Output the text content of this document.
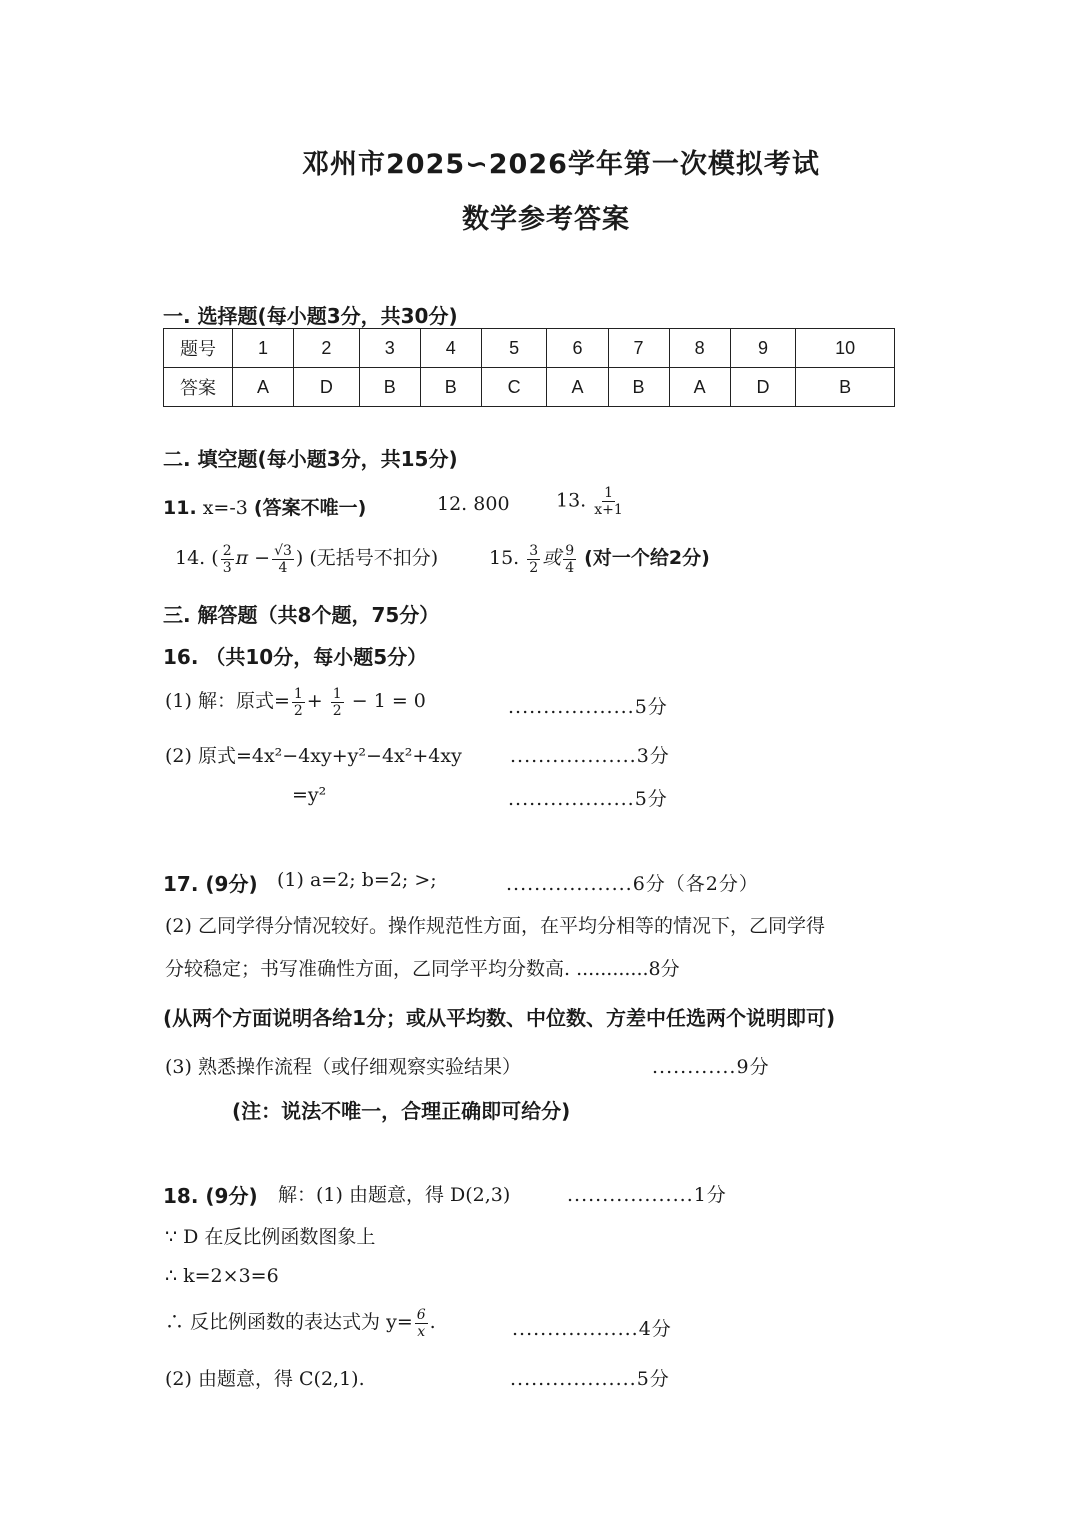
邓州市2025∽2026学年第一次模拟考试
数学参考答案
一. 选择题(每小题3分，共30分)
题号	1	2	3	4	5	6	7	8	9	10
答案	A	D	B	B	C	A	B	A	D	B
二. 填空题(每小题3分，共15分)
11. x=-3 (答案不唯一)	12. 800 13. $\frac{1}{x+1}$
14. ( $\frac{2}{3}$ $\pi - \frac{√3}{4}$ ) (无括号不扣分)	15. $\frac{3}{2}$ 或 $\frac{9}{4}$ (对一个给2分)
三. 解答题（共8个题，75分）
16. （共10分，每小题5分）
(1) 解：原式= $\frac{1}{2} + \frac{1}{2} - 1 = 0$	..................5分
(2) 原式=4x²−4xy+y²−4x²+4xy	..................3分
=y²	..................5分
17. (9分) (1) a=2; b=2; >;	..................6分（各2分）
(2) 乙同学得分情况较好。操作规范性方面，在平均分相等的情况下，乙同学得
分较稳定；书写准确性方面，乙同学平均分数高. ............8分
(从两个方面说明各给1分；或从平均数、中位数、方差中任选两个说明即可)
(3) 熟悉操作流程（或仔细观察实验结果）	............9分
(注：说法不唯一，合理正确即可给分)
18. (9分) 解：(1) 由题意，得 D(2,3)	..................1分
∵ D 在反比例函数图象上
∴ k=2×3=6
∴ 反比例函数的表达式为 $y= \frac{6}{x}$ .	..................4分
(2) 由题意，得 C(2,1).	..................5分
